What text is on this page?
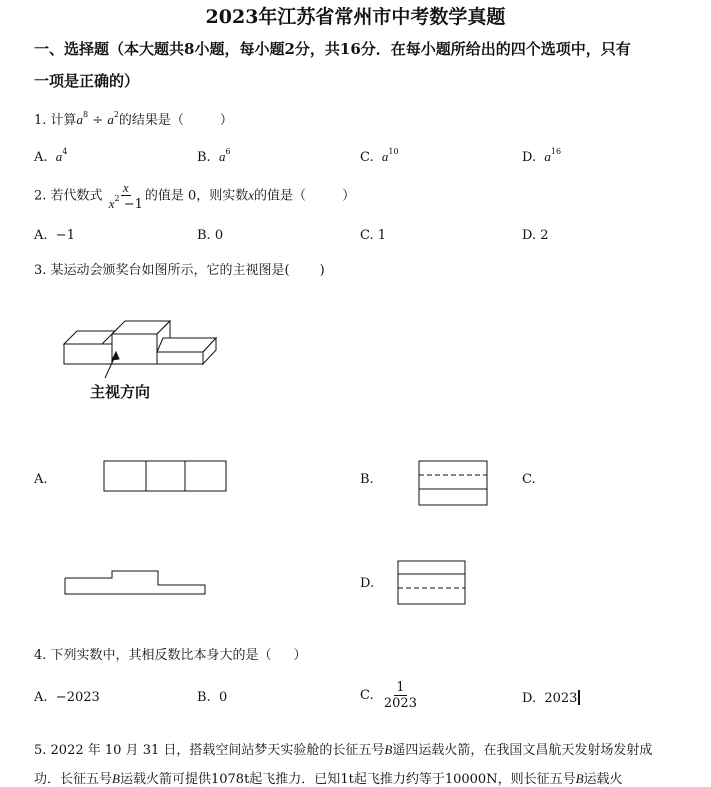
2023年江苏省常州市中考数学真题
一、选择题（本大题共8小题，每小题2分，共16分．在每小题所给出的四个选项中，只有
一项是正确的）
1. 计算$a^8 \div a^2$的结果是（	）
A. $a^4$	B. $a^6$	C. $a^{10}$	D. $a^{16}$
2. 若代数式 $\frac{x}{x^2 -1}$ 的值是 0，则实数x的值是（	）
A. −1	B. 0	C. 1	D. 2
3. 某运动会颁奖台如图所示，它的主视图是( )
主视方向
A.	B.	C.
D.
4. 下列实数中，其相反数比本身大的是（ ）
A. −2023	B. 0	C. $\frac{1}{2023}$	D. 2023
5. 2022 年 10 月 31 日，搭载空间站梦天实验舱的长征五号B遥四运载火箭，在我国文昌航天发射场发射成
功．长征五号B运载火箭可提供1078t起飞推力．已知1t起飞推力约等于10000N，则长征五号B运载火
